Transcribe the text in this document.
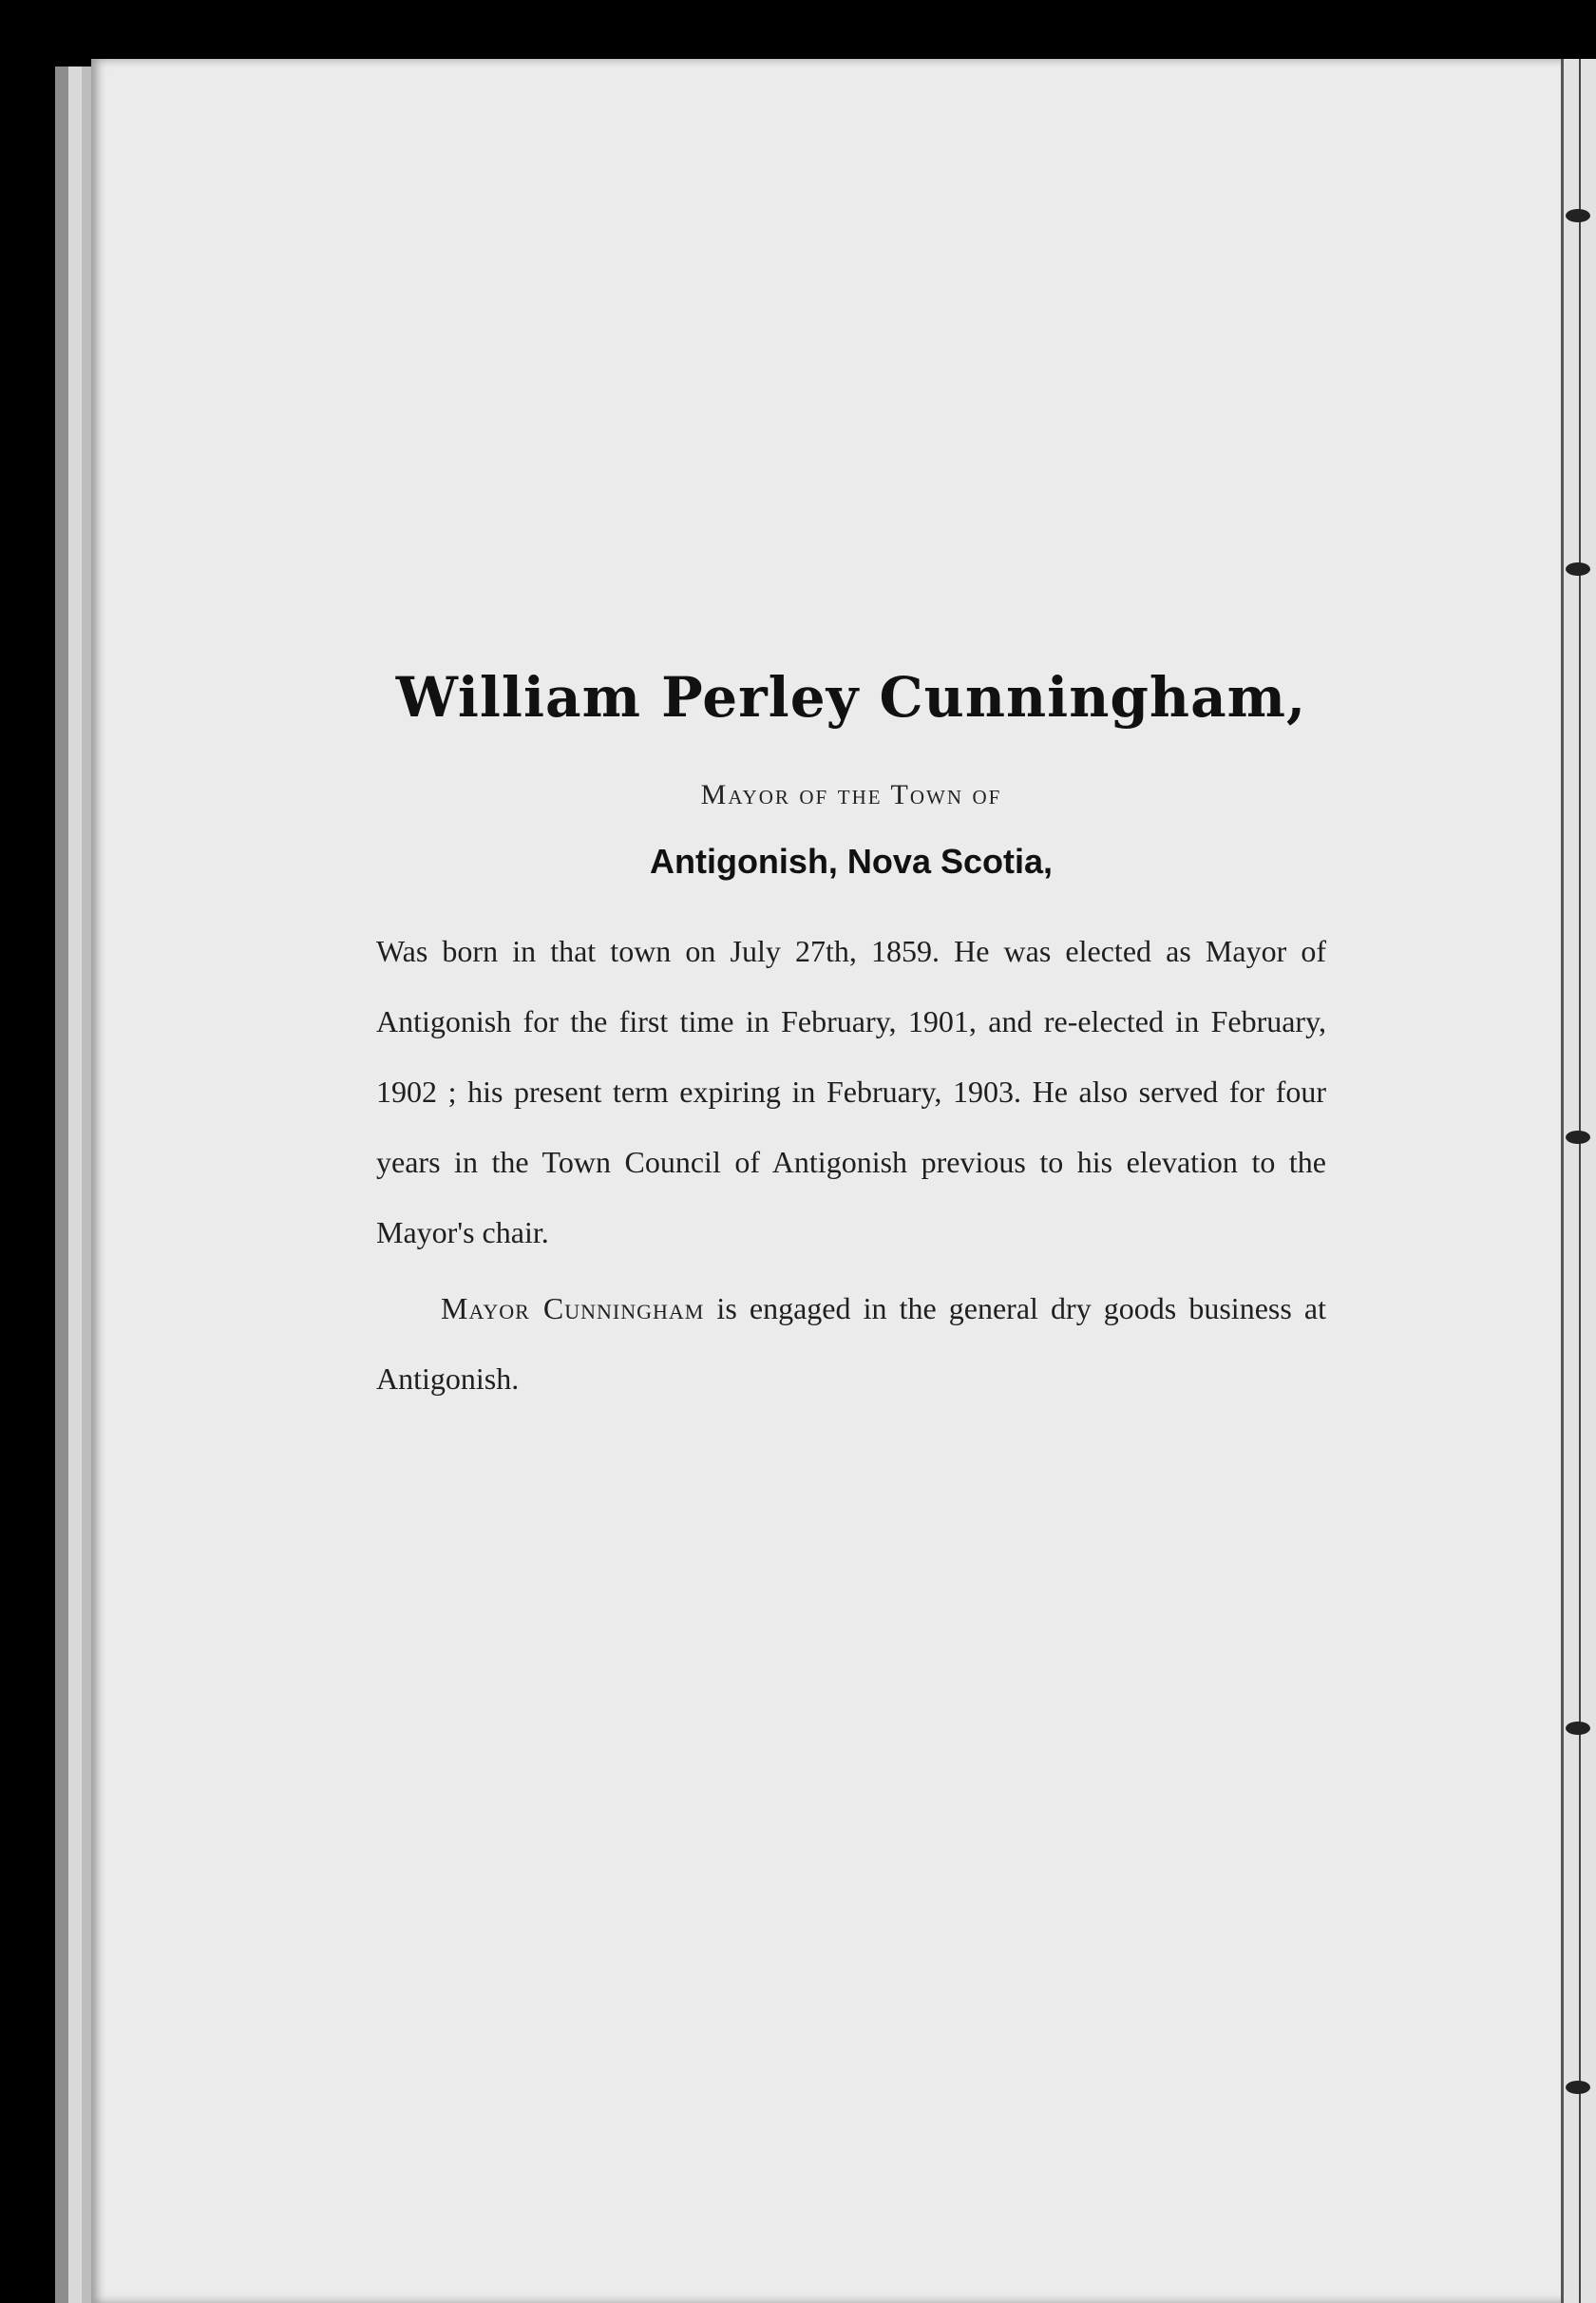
William Perley Cunningham,
Mayor of the Town of
Antigonish, Nova Scotia,

Was born in that town on July 27th, 1859. He was elected as Mayor of Antigonish for the first time in February, 1901, and re-elected in February, 1902 ; his present term expiring in February, 1903. He also served for four years in the Town Council of Antigonish previous to his elevation to the Mayor's chair.

Mayor Cunningham is engaged in the general dry goods business at Antigonish.
